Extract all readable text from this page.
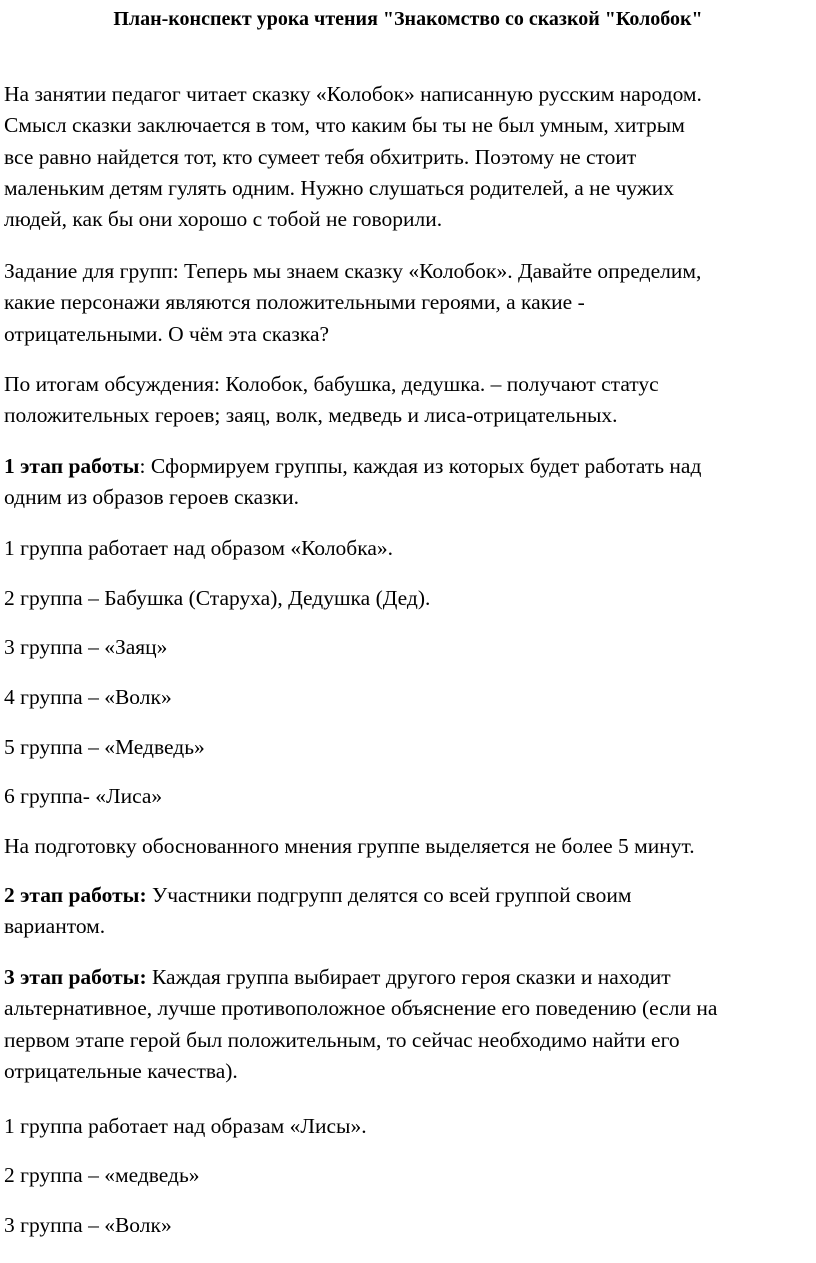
План-конспект урока чтения "Знакомство со сказкой "Колобок"
На занятии педагог читает сказку «Колобок» написанную русским народом.
Смысл сказки заключается в том, что каким бы ты не был умным, хитрым
все равно найдется тот, кто сумеет тебя обхитрить. Поэтому не стоит
маленьким детям гулять одним. Нужно слушаться родителей, а не чужих
людей, как бы они хорошо с тобой не говорили.
Задание для групп: Теперь мы знаем сказку «Колобок». Давайте определим,
какие персонажи являются положительными героями, а какие -
отрицательными. О чём эта сказка?
По итогам обсуждения: Колобок, бабушка, дедушка. – получают статус
положительных героев; заяц, волк, медведь и лиса-отрицательных.
1 этап работы: Сформируем группы, каждая из которых будет работать над
одним из образов героев сказки.
1 группа работает над образом «Колобка».
2 группа – Бабушка (Старуха), Дедушка (Дед).
3 группа – «Заяц»
4 группа – «Волк»
5 группа – «Медведь»
6 группа- «Лиса»
На подготовку обоснованного мнения группе выделяется не более 5 минут.
2 этап работы: Участники подгрупп делятся со всей группой своим
вариантом.
3 этап работы: Каждая группа выбирает другого героя сказки и находит
альтернативное, лучше противоположное объяснение его поведению (если на
первом этапе герой был положительным, то сейчас необходимо найти его
отрицательные качества).
1 группа работает над образам «Лисы».
2 группа – «медведь»
3 группа – «Волк»
